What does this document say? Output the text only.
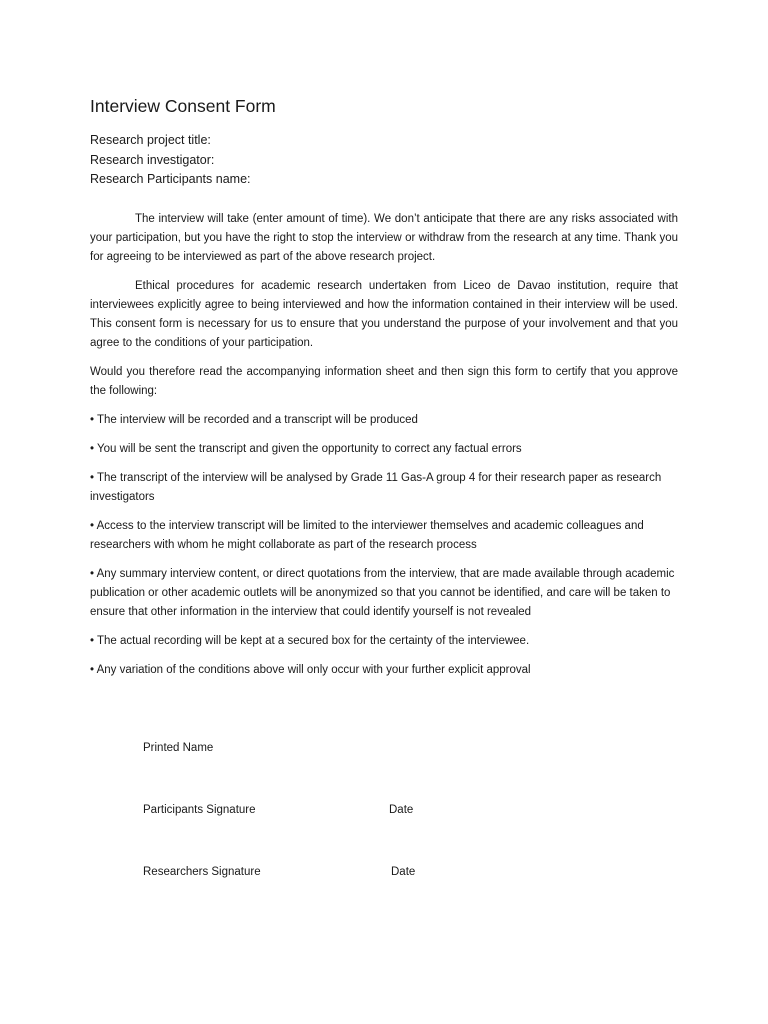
Interview Consent Form
Research project title:
Research investigator:
Research Participants name:

The interview will take (enter amount of time). We don’t anticipate that there are any risks associated with your participation, but you have the right to stop the interview or withdraw from the research at any time. Thank you for agreeing to be interviewed as part of the above research project.

Ethical procedures for academic research undertaken from Liceo de Davao institution, require that interviewees explicitly agree to being interviewed and how the information contained in their interview will be used. This consent form is necessary for us to ensure that you understand the purpose of your involvement and that you agree to the conditions of your participation.

Would you therefore read the accompanying information sheet and then sign this form to certify that you approve the following:

• The interview will be recorded and a transcript will be produced

• You will be sent the transcript and given the opportunity to correct any factual errors

• The transcript of the interview will be analysed by Grade 11 Gas-A group 4 for their research paper as research investigators

• Access to the interview transcript will be limited to the interviewer themselves and academic colleagues and researchers with whom he might collaborate as part of the research process

• Any summary interview content, or direct quotations from the interview, that are made available through academic publication or other academic outlets will be anonymized so that you cannot be identified, and care will be taken to ensure that other information in the interview that could identify yourself is not revealed

• The actual recording will be kept at a secured box for the certainty of the interviewee.

• Any variation of the conditions above will only occur with your further explicit approval

Printed Name
Participants Signature	Date
Researchers Signature	Date
